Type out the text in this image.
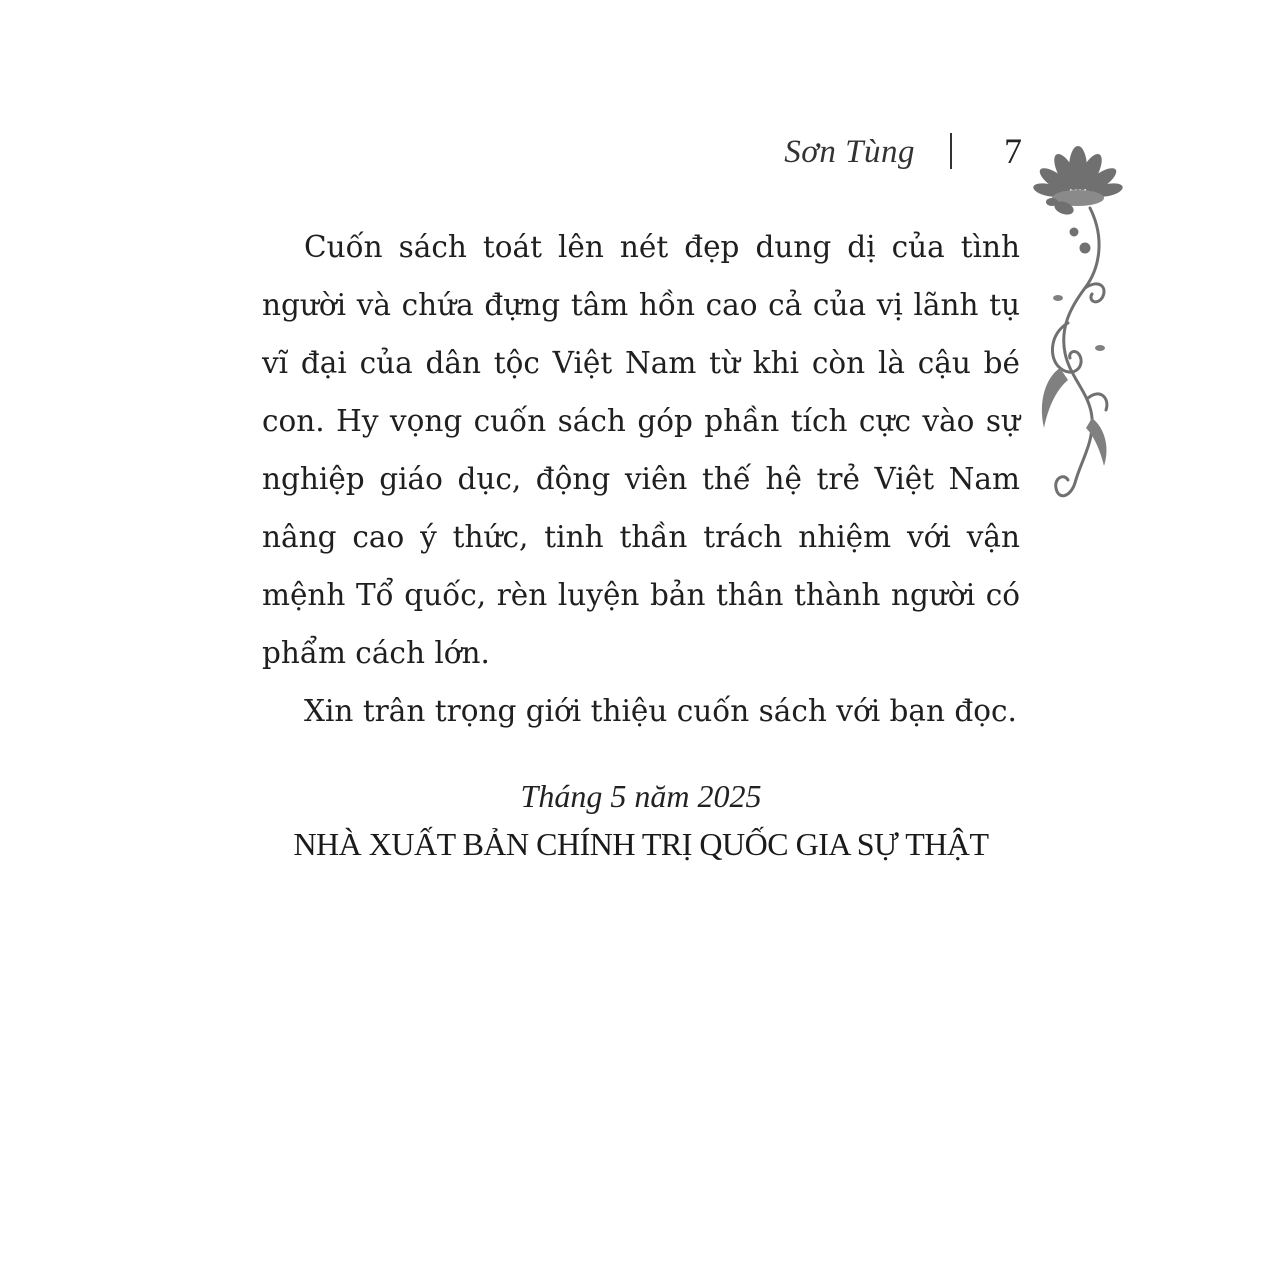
Sơn Tùng 7

Cuốn sách toát lên nét đẹp dung dị của tình người và chứa đựng tâm hồn cao cả của vị lãnh tụ vĩ đại của dân tộc Việt Nam từ khi còn là cậu bé con. Hy vọng cuốn sách góp phần tích cực vào sự nghiệp giáo dục, động viên thế hệ trẻ Việt Nam nâng cao ý thức, tinh thần trách nhiệm với vận mệnh Tổ quốc, rèn luyện bản thân thành người có phẩm cách lớn.

Xin trân trọng giới thiệu cuốn sách với bạn đọc.

Tháng 5 năm 2025
NHÀ XUẤT BẢN CHÍNH TRỊ QUỐC GIA SỰ THẬT
